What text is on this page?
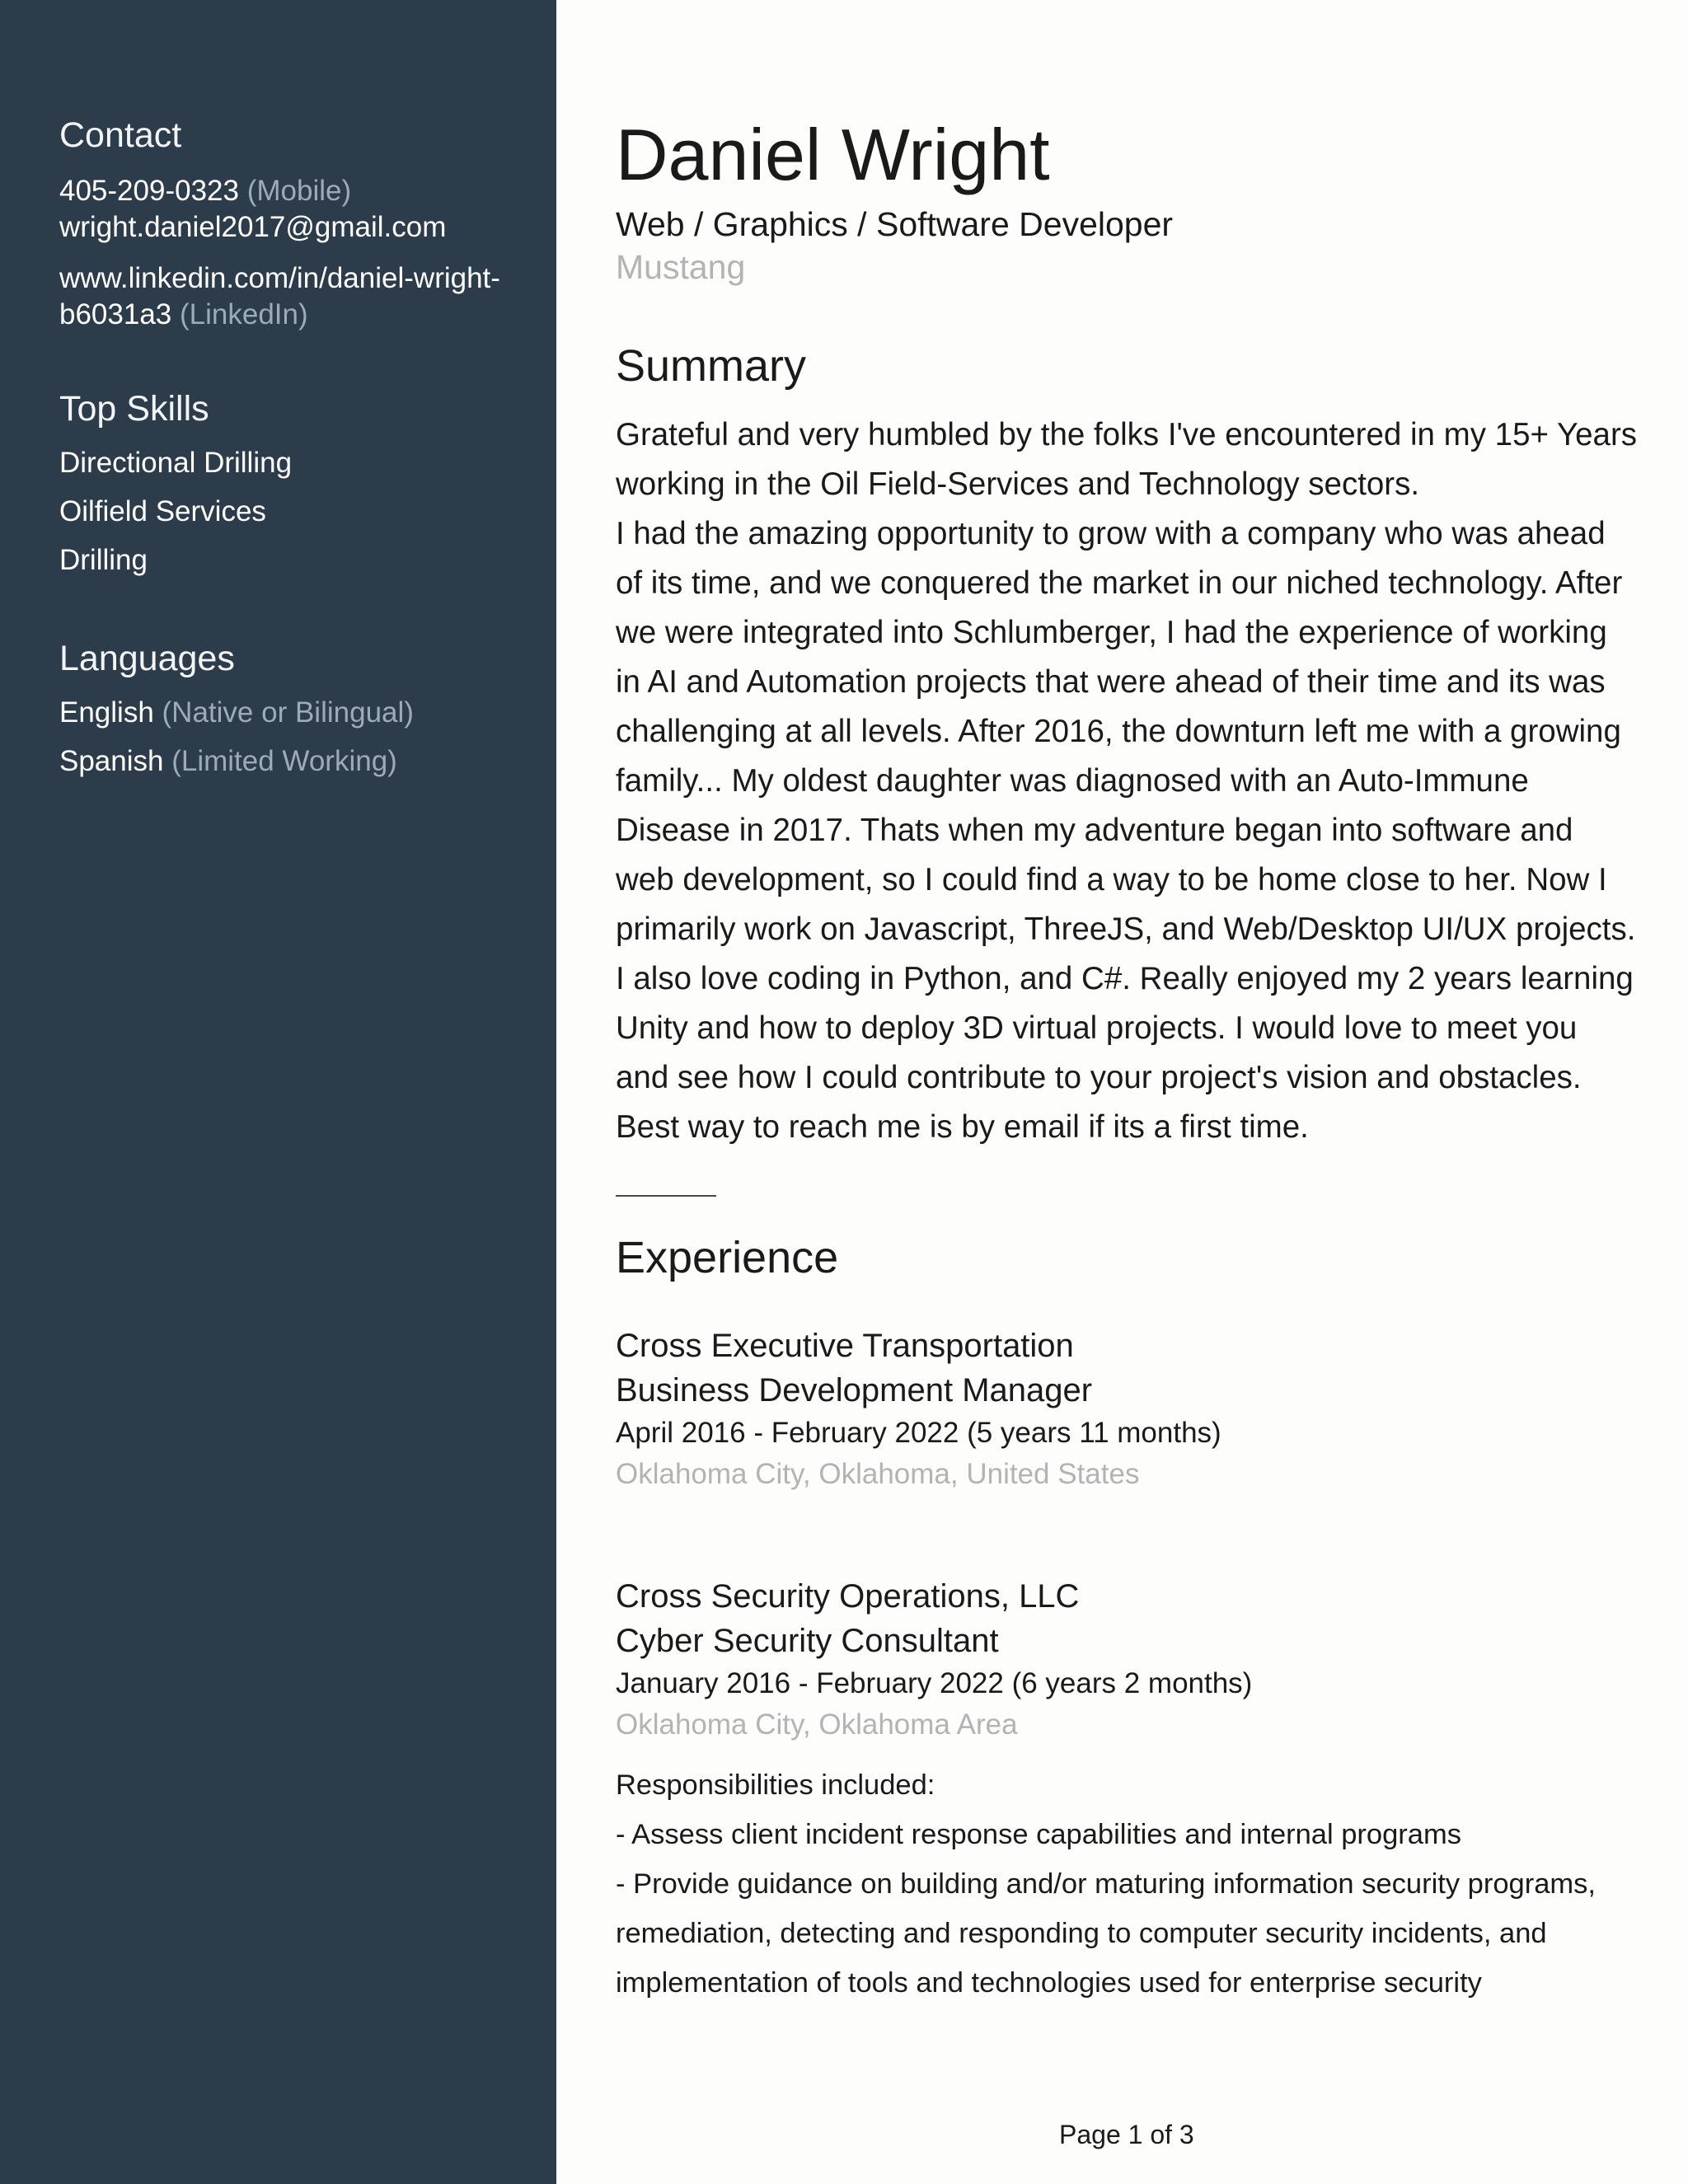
Contact
405-209-0323 (Mobile)
wright.daniel2017@gmail.com
www.linkedin.com/in/daniel-wright-
b6031a3 (LinkedIn)
Top Skills
Directional Drilling
Oilfield Services
Drilling
Languages
English (Native or Bilingual)
Spanish (Limited Working)
Daniel Wright
Web / Graphics / Software Developer
Mustang
Summary
Grateful and very humbled by the folks I've encountered in my 15+ Years working in the Oil Field-Services and Technology sectors.
I had the amazing opportunity to grow with a company who was ahead of its time, and we conquered the market in our niched technology. After we were integrated into Schlumberger, I had the experience of working in AI and Automation projects that were ahead of their time and its was challenging at all levels. After 2016, the downturn left me with a growing family... My oldest daughter was diagnosed with an Auto-Immune Disease in 2017. Thats when my adventure began into software and web development, so I could find a way to be home close to her. Now I primarily work on Javascript, ThreeJS, and Web/Desktop UI/UX projects. I also love coding in Python, and C#. Really enjoyed my 2 years learning Unity and how to deploy 3D virtual projects. I would love to meet you and see how I could contribute to your project's vision and obstacles. Best way to reach me is by email if its a first time.
Experience
Cross Executive Transportation
Business Development Manager
April 2016 - February 2022 (5 years 11 months)
Oklahoma City, Oklahoma, United States
Cross Security Operations, LLC
Cyber Security Consultant
January 2016 - February 2022 (6 years 2 months)
Oklahoma City, Oklahoma Area
Responsibilities included:
- Assess client incident response capabilities and internal programs
- Provide guidance on building and/or maturing information security programs,
remediation, detecting and responding to computer security incidents, and
implementation of tools and technologies used for enterprise security
Page 1 of 3
